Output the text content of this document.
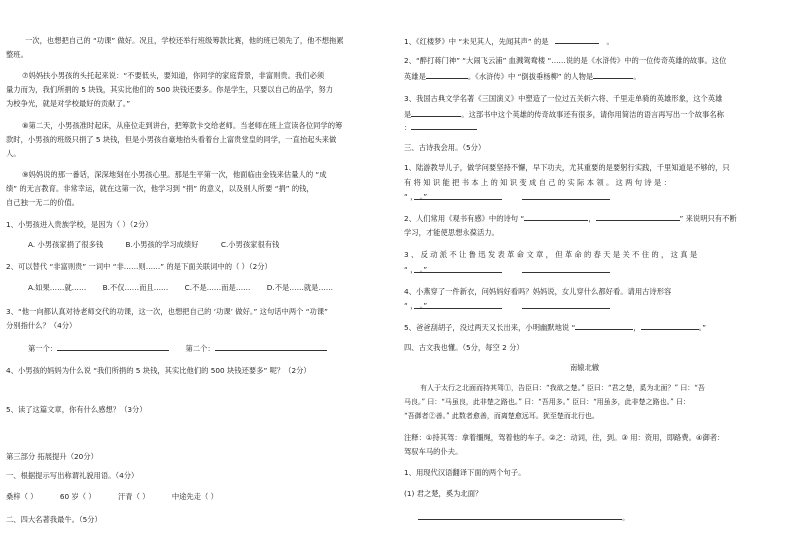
一次，也想把自己的 “功课” 做好。况且，学校还举行班级筹款比赛，他的班已领先了，他不想拖累
整班。
⑦妈妈扶小男孩的头托起来说：“不要低头，要知道，你同学的家庭背景，非富则贵。我们必须
量力而为，我们所捐的 5 块钱，其实比他们的 500 块钱还要多。你是学生，只要以自己的品学，努力
为校争光，就是对学校最好的贡献了。”
⑧第二天，小男孩准时起床，从座位走到讲台，把筹款卡交给老师。当老师在班上宣读各位同学的筹
款时，小男孩的班级只捐了 5 块钱，但是小男孩自豪地抬头看着台上富贵堂皇的同学，一直抬起头来做
人。
⑨妈妈说的那一番话，深深地刻在小男孩心里。那是生平第一次，他面临由金钱来估量人的 “成
绩” 的无言教育。非常幸运，就在这第一次，他学习到 “捐” 的意义，以及别人所要 “捐” 的钱，
自己独一无二的价值。
1、小男孩进入贵族学校，是因为（ ）（2分）
A. 小男孩家捐了很多钱	B.小男孩的学习成绩好	C.小男孩家很有钱
2、可以替代 “非富则贵” 一词中 “非……则……” 的是下面关联词中的（ ）（2分）
A.如果……就…… B.不仅……而且…… C.不是……而是…… D.不是……就是……
3、“他一向都认真对待老师交代的功课，这一次，也想把自己的 ‘功课’ 做好。” 这句话中两个 “功课”
分别指什么？（4分）
第一个：	第二个：
4、小男孩的妈妈为什么说 “我们所捐的 5 块钱，其实比他们的 500 块钱还要多” 呢？（2分）
5、读了这篇文章，你有什么感想？（3分）
第三部分 拓展提升（20分）
一、根据提示写出称谓礼貌用语。（4分）
桑梓（ ）	60 岁（ ）	汗青（ ）	中途先走（ ）
二、四大名著我最牛。（5分）
1、《红楼梦》中 “未见其人，先闻其声” 的是	。
2、“醉打蒋门神” “大闹飞云浦” 血溅鸳鸯楼 “……说的是《水浒传》中的一位传奇英雄的故事。这位
英雄是	。《水浒传》中 “倒拔垂杨柳” 的人物是	。
3、我国古典文学名著《三国演义》中塑造了一位过五关斩六将、千里走单骑的英雄形象，这个英雄
是	。这部书中这个英雄的传奇故事还有很多，请你用简洁的语言再写出一个故事名称
：
三、古诗我会用。（5分）
1、陆游教导儿子，做学问要坚持不懈，早下功夫，尤其重要的是要躬行实践，千里知道是不够的，只
有 将 知 识 能 把 书 本 上 的 知 识 变 成 自 己 的 实 际 本 领 。 这 两 句 诗 是 ：
“ ， 。”
2、人们常用《观书有感》中的诗句 “	，	” 来说明只有不断
学习，才能使思想永葆活力。
3 、 反 动 派 不 让 鲁 迅 发 表 革 命 文 章 ， 但 革 命 的 春 天 是 关 不 住 的 ， 这 真 是
“ ， 。”
4、小燕穿了一件新衣，问妈妈好看吗？妈妈说，女儿穿什么都好看。请用古诗形容
“ ， 。”
5、爸爸刮胡子，没过两天又长出来，小明幽默地说 “	，	。”
四、古文我也懂。（5分，每空 2 分）
南辕北辙
有人于太行之北面而持其驾①，告臣曰：“我欲之楚。” 臣曰：“君之楚，奚为北面？” 曰：“吾
马良。” 曰：“马虽良，此非楚之路也。” 曰：“吾用多。” 臣曰：“用虽多，此非楚之路也。” 曰：
“吾御者②善。” 此数者愈善，而离楚愈远耳。犹至楚而北行也。
注释：①持其驾：拿着缰绳，驾着他的车子。②之：动词，往，到。③ 用：资用，即路费。④御者：
驾驭车马的仆夫。
1、用现代汉语翻译下面的两个句子。
(1) 君之楚，奚为北面？
。
